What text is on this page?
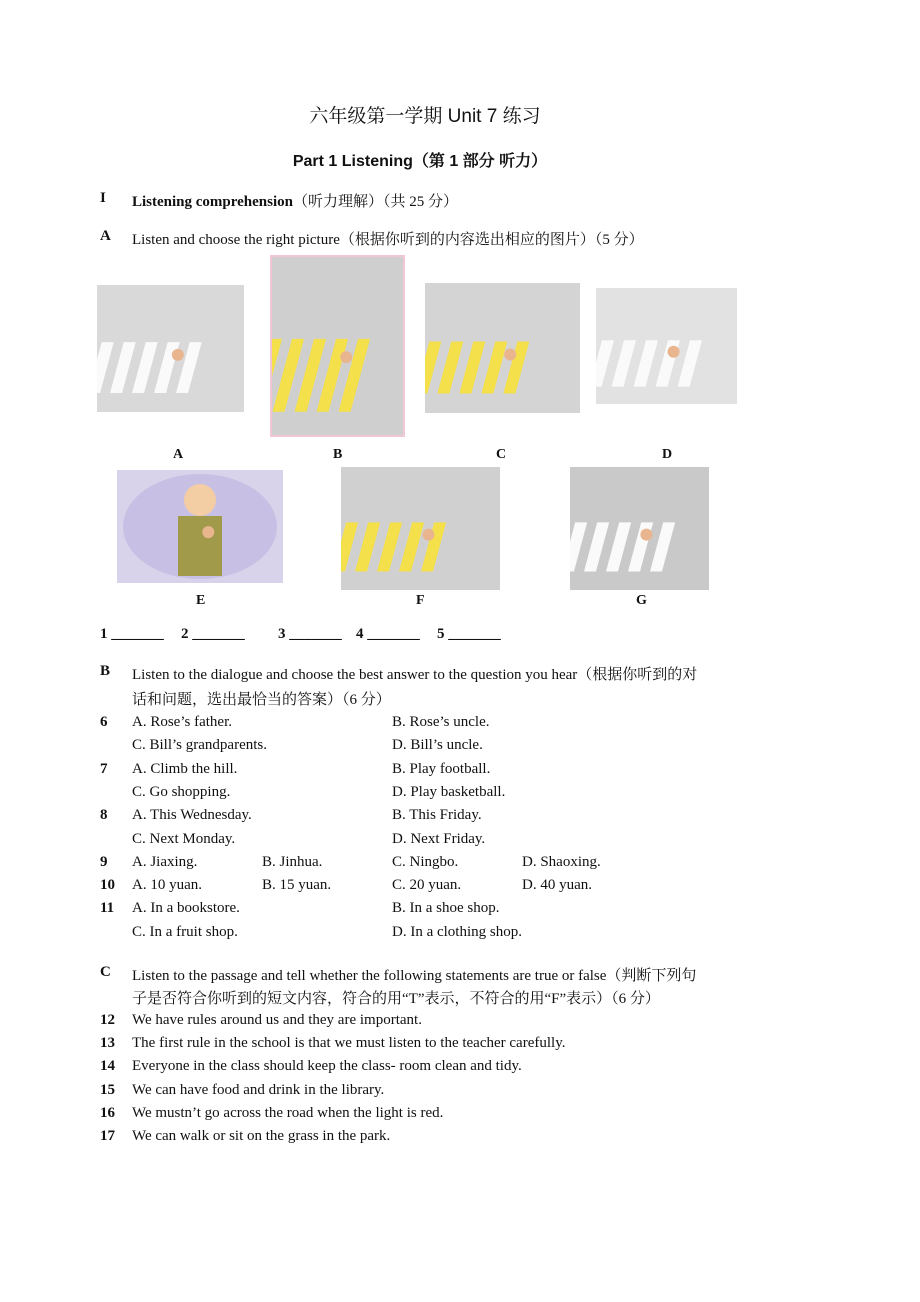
六年级第一学期 Unit 7 练习
Part 1 Listening（第 1 部分 听力）
I Listening comprehension（听力理解）（共 25 分）
A Listen and choose the right picture（根据你听到的内容选出相应的图片）（5 分）
B Listen to the dialogue and choose the best answer to the question you hear（根据你听到的对
话和问题，选出最恰当的答案）（6 分）
C Listen to the passage and tell whether the following statements are true or false（判断下列句
子是否符合你听到的短文内容，符合的用“T”表示，不符合的用“F”表示）（6 分）
A	B	C	D
E	F	G
1 _______ 2 _______ 3 _______ 4 _______ 5 _______
6 A. Rose’s father.	B. Rose’s uncle.
C. Bill’s grandparents.	D. Bill’s uncle.
7 A. Climb the hill.	B. Play football.
C. Go shopping.	D. Play basketball.
8 A. This Wednesday.	B. This Friday.
C. Next Monday.	D. Next Friday.
9 A. Jiaxing.	B. Jinhua.	C. Ningbo.	D. Shaoxing.
10 A. 10 yuan.	B. 15 yuan.	C. 20 yuan.	D. 40 yuan.
11 A. In a bookstore.	B. In a shoe shop.
C. In a fruit shop.	D. In a clothing shop.
12 We have rules around us and they are important.
13 The first rule in the school is that we must listen to the teacher carefully.
14 Everyone in the class should keep the class- room clean and tidy.
15 We can have food and drink in the library.
16 We mustn’t go across the road when the light is red.
17 We can walk or sit on the grass in the park.
